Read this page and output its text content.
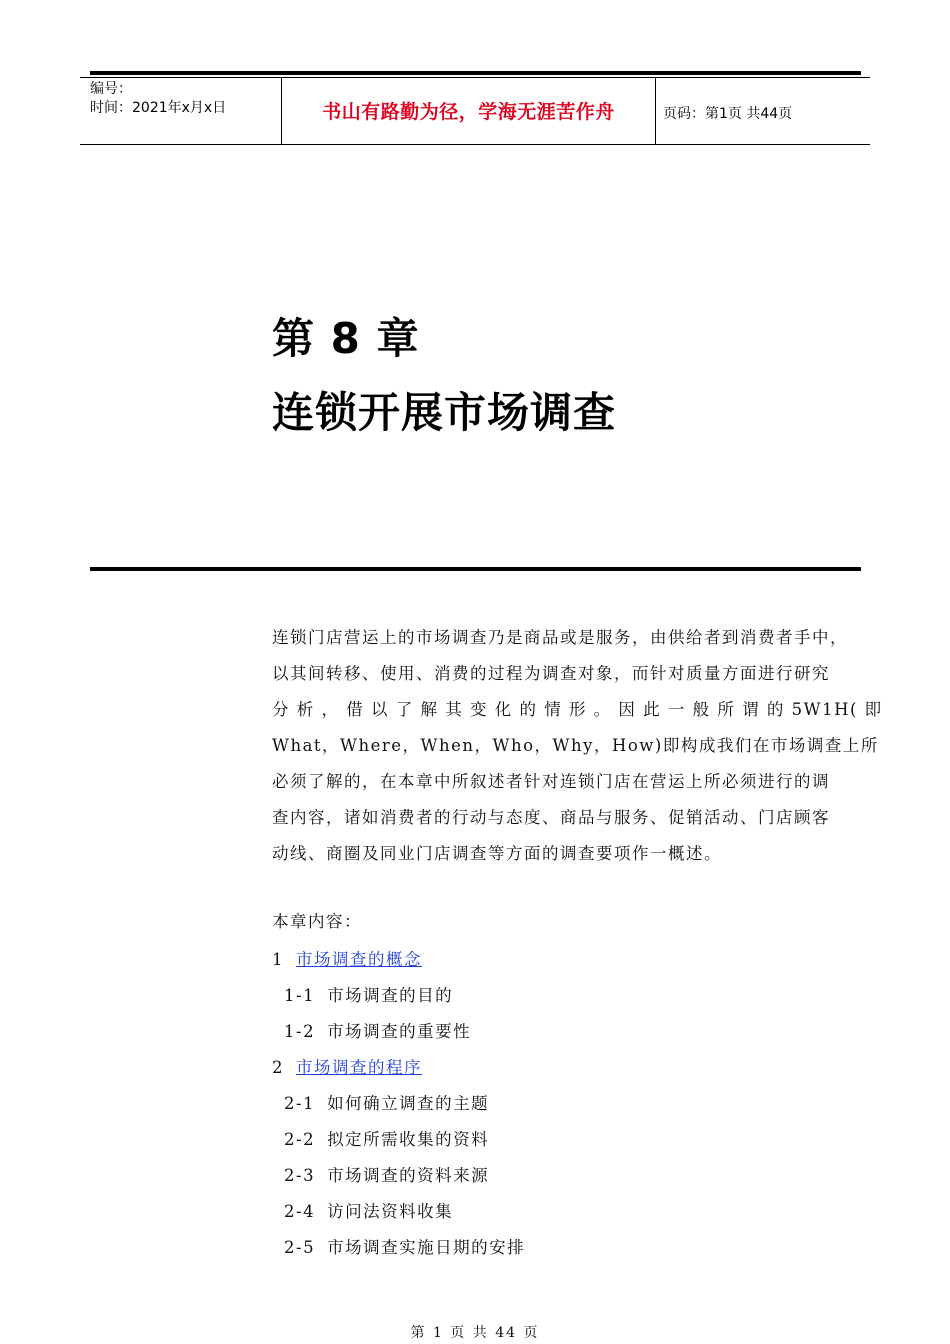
编号：
时间：2021年x月x日	书山有路勤为径，学海无涯苦作舟	页码：第1页 共44页
第 8 章
连锁开展市场调查
连锁门店营运上的市场调查乃是商品或是服务，由供给者到消费者手中，
以其间转移、使用、消费的过程为调查对象，而针对质量方面进行研究
分 析 ， 借 以 了 解 其 变 化 的 情 形 。 因 此 一 般 所 谓 的 5W1H( 即
What，Where，When，Who，Why，How)即构成我们在市场调查上所
必须了解的，在本章中所叙述者针对连锁门店在营运上所必须进行的调
查内容，诸如消费者的行动与态度、商品与服务、促销活动、门店顾客
动线、商圈及同业门店调查等方面的调查要项作一概述。
本章内容：
1 市场调查的概念
1-1 市场调查的目的
1-2 市场调查的重要性
2 市场调查的程序
2-1 如何确立调查的主题
2-2 拟定所需收集的资料
2-3 市场调查的资料来源
2-4 访问法资料收集
2-5 市场调查实施日期的安排
第 1 页 共 44 页
